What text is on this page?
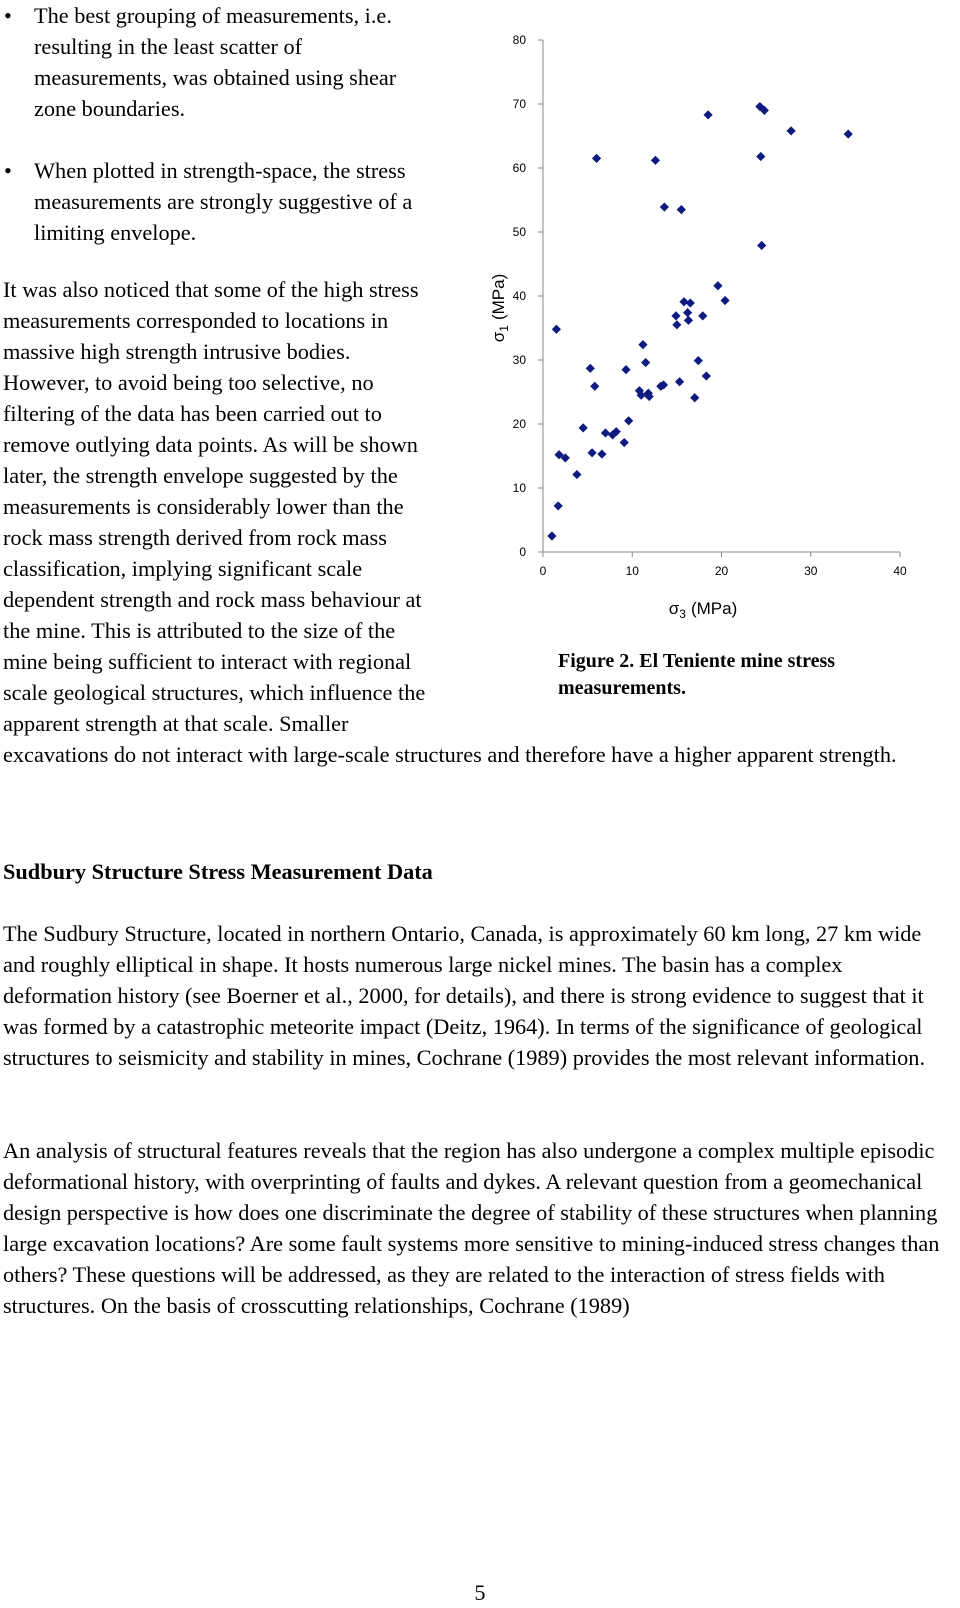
• The best grouping of measurements, i.e. resulting in the least scatter of measurements, was obtained using shear zone boundaries.
• When plotted in strength-space, the stress measurements are strongly suggestive of a limiting envelope.
It was also noticed that some of the high stress measurements corresponded to locations in massive high strength intrusive bodies. However, to avoid being too selective, no filtering of the data has been carried out to remove outlying data points. As will be shown later, the strength envelope suggested by the measurements is considerably lower than the rock mass strength derived from rock mass classification, implying significant scale dependent strength and rock mass behaviour at the mine. This is attributed to the size of the mine being sufficient to interact with regional scale geological structures, which influence the apparent strength at that scale. Smaller excavations do not interact with large-scale structures and therefore have a higher apparent strength.
0
10
20
30
40
50
60
70
80
0	10	20	30	40
$\sigma_3$ (MPa)
$\sigma_1(MPa)$

Figure 2. El Teniente mine stress measurements.

Sudbury Structure Stress Measurement Data

The Sudbury Structure, located in northern Ontario, Canada, is approximately 60 km long, 27 km wide and roughly elliptical in shape. It hosts numerous large nickel mines. The basin has a complex deformation history (see Boerner et al., 2000, for details), and there is strong evidence to suggest that it was formed by a catastrophic meteorite impact (Deitz, 1964). In terms of the significance of geological structures to seismicity and stability in mines, Cochrane (1989) provides the most relevant information.

An analysis of structural features reveals that the region has also undergone a complex multiple episodic deformational history, with overprinting of faults and dykes. A relevant question from a geomechanical design perspective is how does one discriminate the degree of stability of these structures when planning large excavation locations? Are some fault systems more sensitive to mining-induced stress changes than others? These questions will be addressed, as they are related to the interaction of stress fields with structures. On the basis of crosscutting relationships, Cochrane (1989)

5
